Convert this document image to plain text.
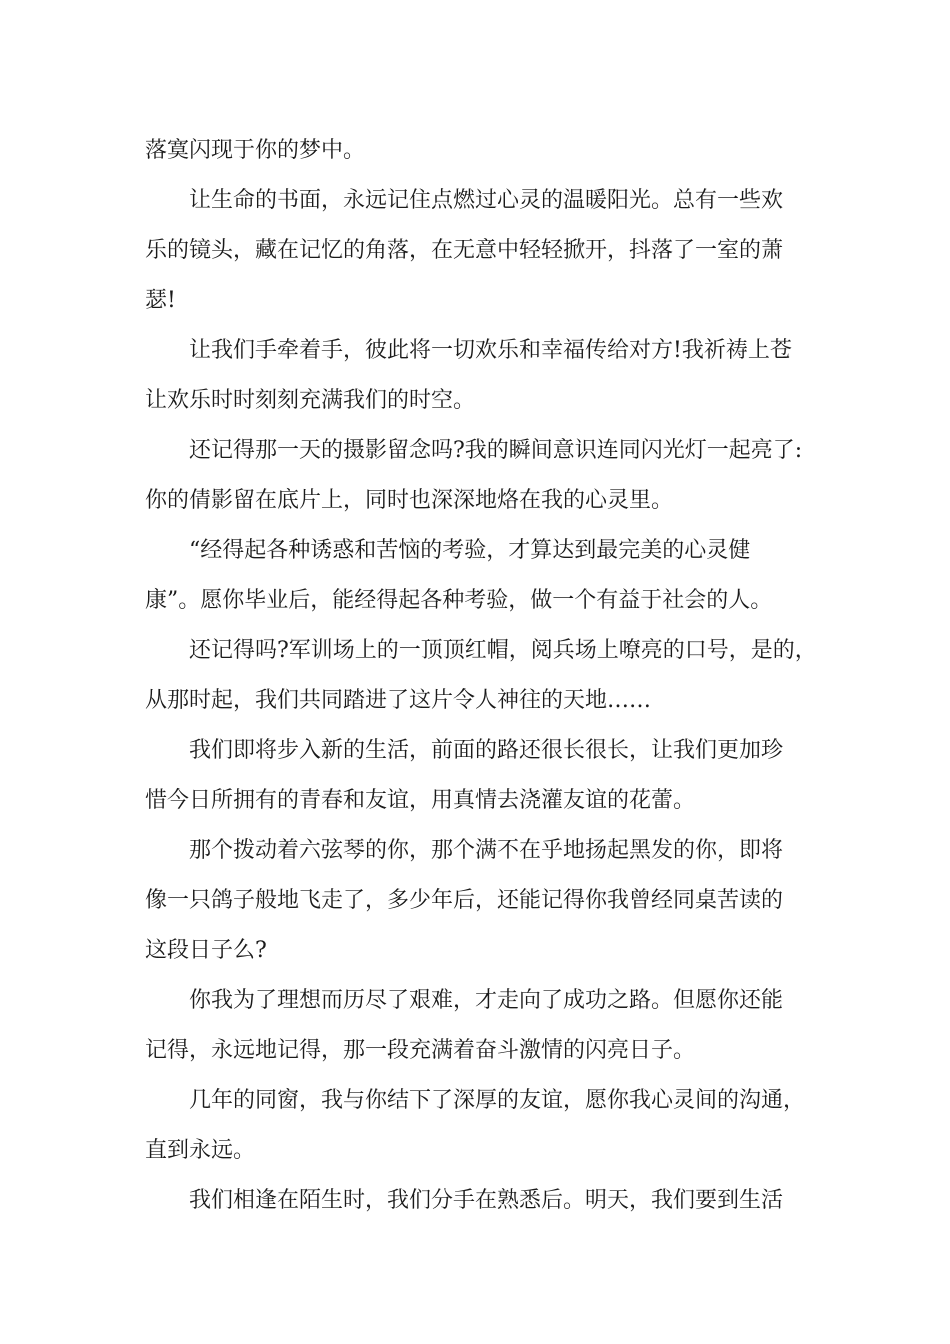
落寞闪现于你的梦中。

让生命的书面，永远记住点燃过心灵的温暖阳光。总有一些欢

乐的镜头，藏在记忆的角落，在无意中轻轻掀开，抖落了一室的萧

瑟!

让我们手牵着手，彼此将一切欢乐和幸福传给对方!我祈祷上苍

让欢乐时时刻刻充满我们的时空。

还记得那一天的摄影留念吗?我的瞬间意识连同闪光灯一起亮了:

你的倩影留在底片上，同时也深深地烙在我的心灵里。

“经得起各种诱惑和苦恼的考验，才算达到最完美的心灵健

康”。愿你毕业后，能经得起各种考验，做一个有益于社会的人。

还记得吗?军训场上的一顶顶红帽，阅兵场上嘹亮的口号，是的，

从那时起，我们共同踏进了这片令人神往的天地……

我们即将步入新的生活，前面的路还很长很长，让我们更加珍

惜今日所拥有的青春和友谊，用真情去浇灌友谊的花蕾。

那个拨动着六弦琴的你，那个满不在乎地扬起黑发的你，即将

像一只鸽子般地飞走了，多少年后，还能记得你我曾经同桌苦读的

这段日子么?

你我为了理想而历尽了艰难，才走向了成功之路。但愿你还能

记得，永远地记得，那一段充满着奋斗激情的闪亮日子。

几年的同窗，我与你结下了深厚的友谊，愿你我心灵间的沟通，

直到永远。

我们相逢在陌生时，我们分手在熟悉后。明天，我们要到生活
